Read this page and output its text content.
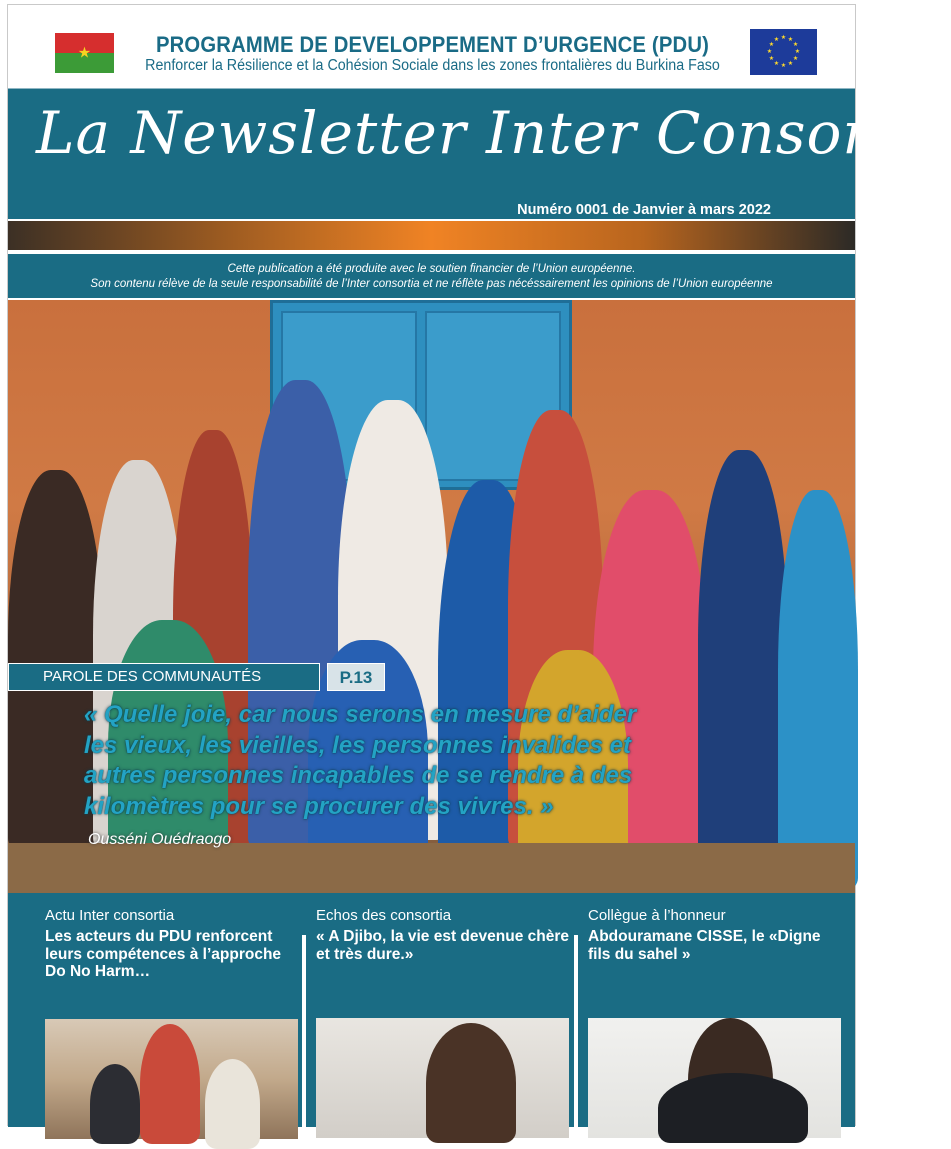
★	PROGRAMME DE DEVELOPPEMENT D’URGENCE (PDU)
Renforcer la Résilience et la Cohésion Sociale dans les zones frontalières du Burkina Faso
★
★
★
★
★
★
★
★
★ ★ ★
★
La Newsletter Inter Consortia
Numéro 0001 de Janvier à mars 2022
Cette publication a été produite avec le soutien financier de l’Union européenne.
Son contenu rélève de la seule responsabilité de l’Inter consortia et ne réflète pas nécéssairement les opinions de l’Union européenne
PAROLE DES COMMUNAUTÉS	P.13
« Quelle joie, car nous serons en mesure d’aider les vieux, les vieilles, les personnes invalides et autres personnes incapables de se rendre à des kilomètres pour se procurer des vivres. »
Ousséni Ouédraogo
Actu Inter consortia
Les acteurs du PDU renforcent leurs compétences à l’approche Do No Harm…
Echos des consortia
« A Djibo, la vie est devenue chère et très dure.»
Collègue à l’honneur
Abdouramane CISSE, le «Digne fils du sahel »
